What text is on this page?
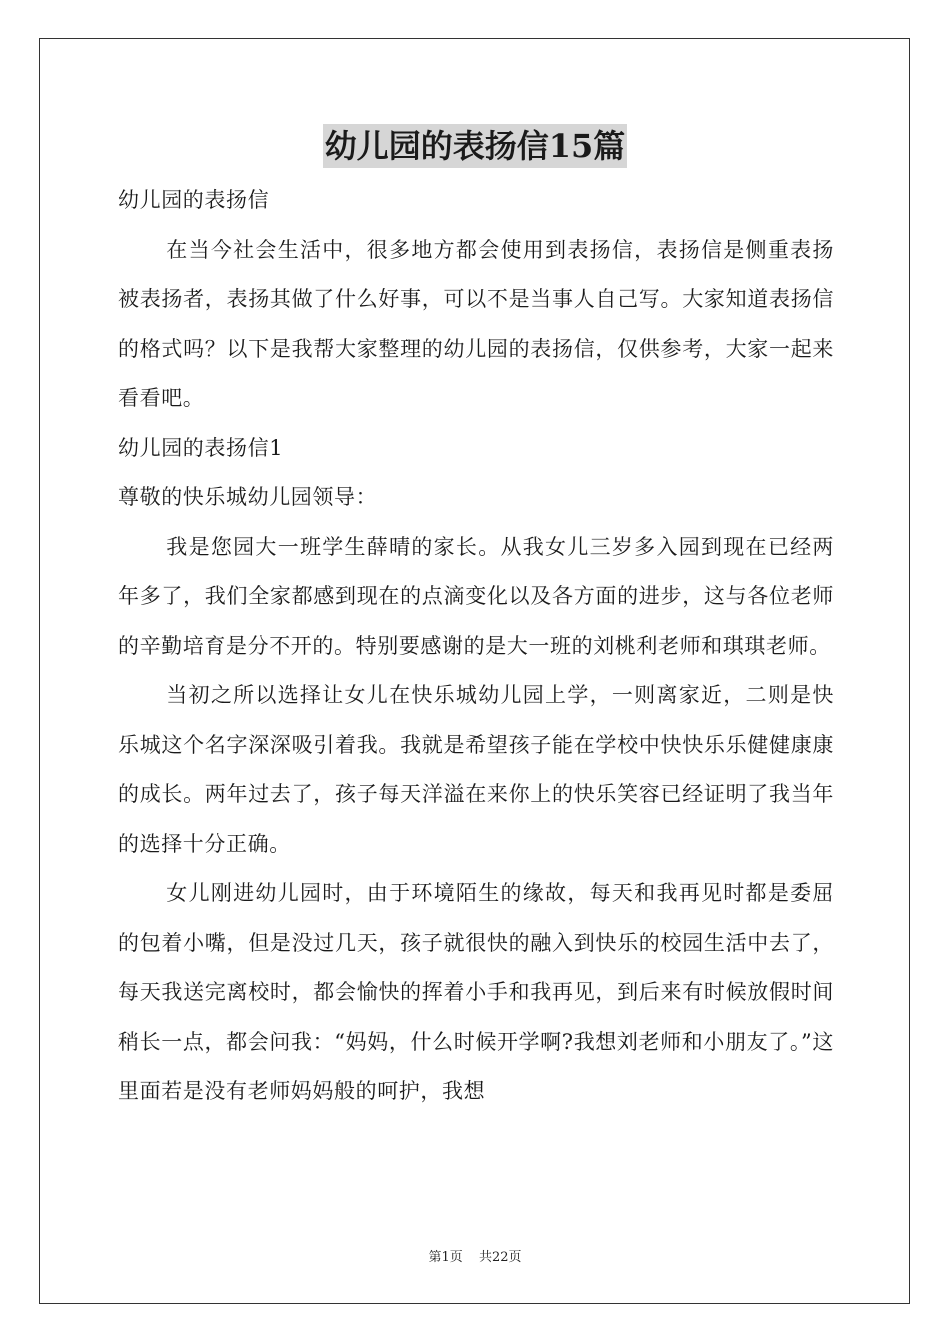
幼儿园的表扬信15篇
幼儿园的表扬信

在当今社会生活中，很多地方都会使用到表扬信，表扬信是侧重表扬被表扬者，表扬其做了什么好事，可以不是当事人自己写。大家知道表扬信的格式吗？以下是我帮大家整理的幼儿园的表扬信，仅供参考，大家一起来看看吧。

幼儿园的表扬信1
尊敬的快乐城幼儿园领导：

我是您园大一班学生薛晴的家长。从我女儿三岁多入园到现在已经两年多了，我们全家都感到现在的点滴变化以及各方面的进步，这与各位老师的辛勤培育是分不开的。特别要感谢的是大一班的刘桃利老师和琪琪老师。

当初之所以选择让女儿在快乐城幼儿园上学，一则离家近，二则是快乐城这个名字深深吸引着我。我就是希望孩子能在学校中快快乐乐健健康康的成长。两年过去了，孩子每天洋溢在来你上的快乐笑容已经证明了我当年的选择十分正确。

女儿刚进幼儿园时，由于环境陌生的缘故，每天和我再见时都是委屈的包着小嘴，但是没过几天，孩子就很快的融入到快乐的校园生活中去了，每天我送完离校时，都会愉快的挥着小手和我再见，到后来有时候放假时间稍长一点，都会问我：“妈妈，什么时候开学啊?我想刘老师和小朋友了。”这里面若是没有老师妈妈般的呵护，我想

第1页 共22页
